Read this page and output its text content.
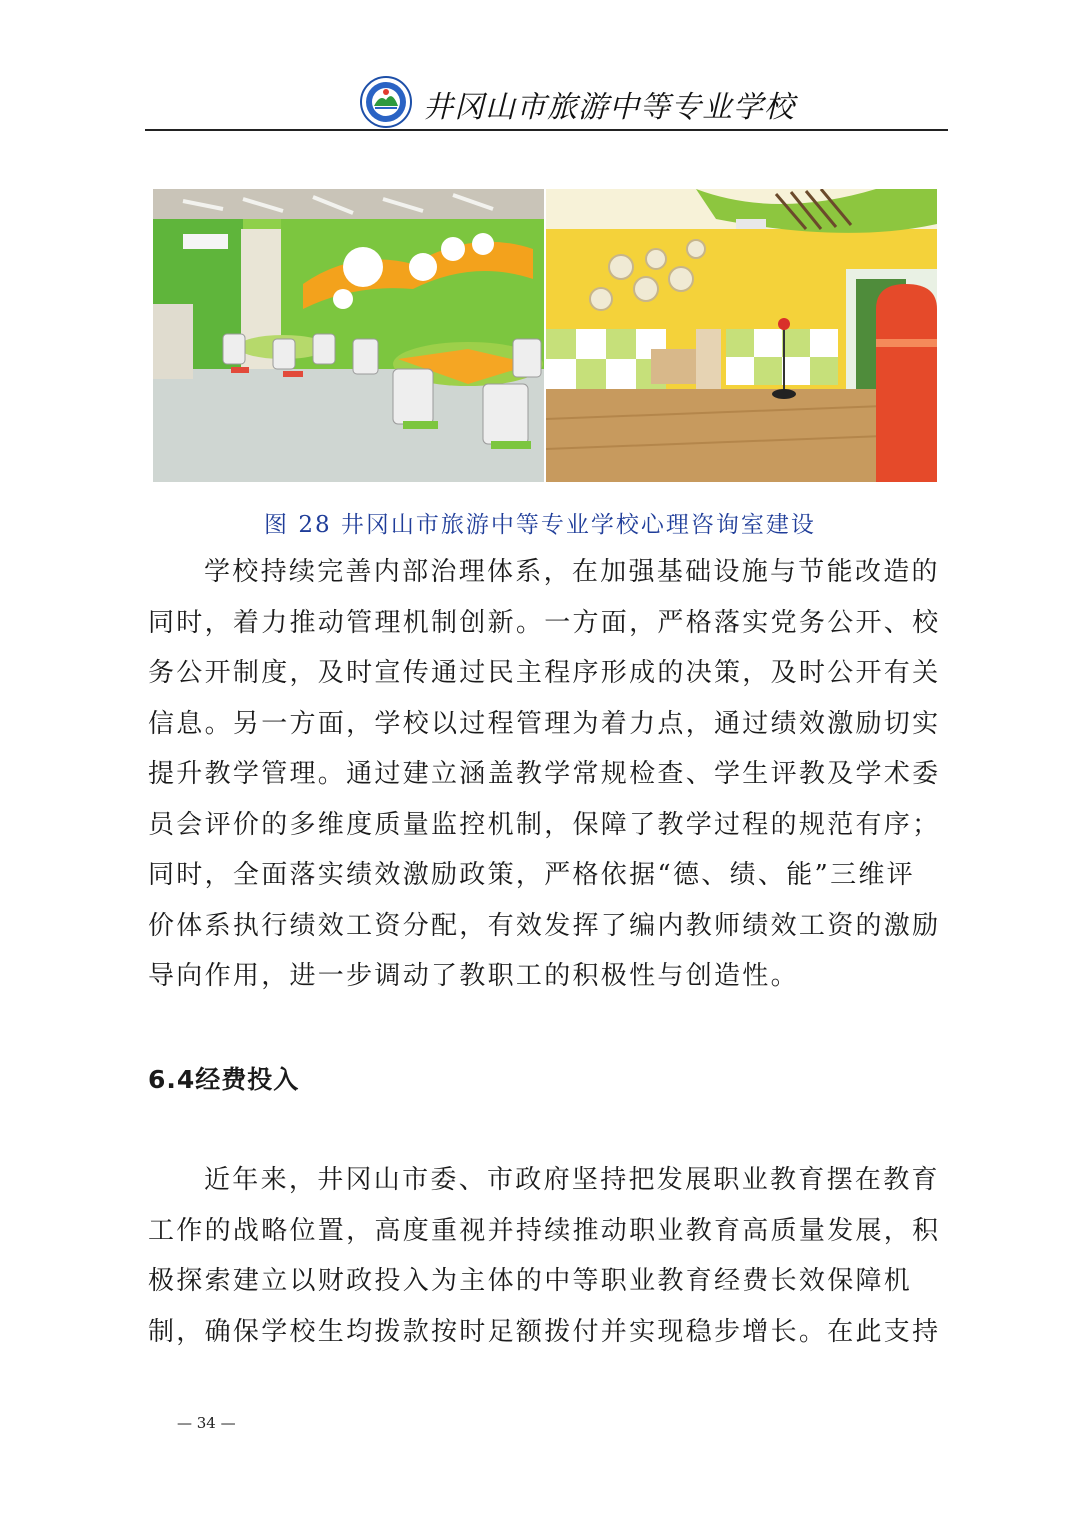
井冈山市旅游中等专业学校
图 28 井冈山市旅游中等专业学校心理咨询室建设
学校持续完善内部治理体系，在加强基础设施与节能改造的
同时，着力推动管理机制创新。一方面，严格落实党务公开、校
务公开制度，及时宣传通过民主程序形成的决策，及时公开有关
信息。另一方面，学校以过程管理为着力点，通过绩效激励切实
提升教学管理。通过建立涵盖教学常规检查、学生评教及学术委
员会评价的多维度质量监控机制，保障了教学过程的规范有序；
同时，全面落实绩效激励政策，严格依据“德、绩、能”三维评
价体系执行绩效工资分配，有效发挥了编内教师绩效工资的激励
导向作用，进一步调动了教职工的积极性与创造性。
6.4经费投入
近年来，井冈山市委、市政府坚持把发展职业教育摆在教育
工作的战略位置，高度重视并持续推动职业教育高质量发展，积
极探索建立以财政投入为主体的中等职业教育经费长效保障机
制，确保学校生均拨款按时足额拨付并实现稳步增长。在此支持
— 34 —
